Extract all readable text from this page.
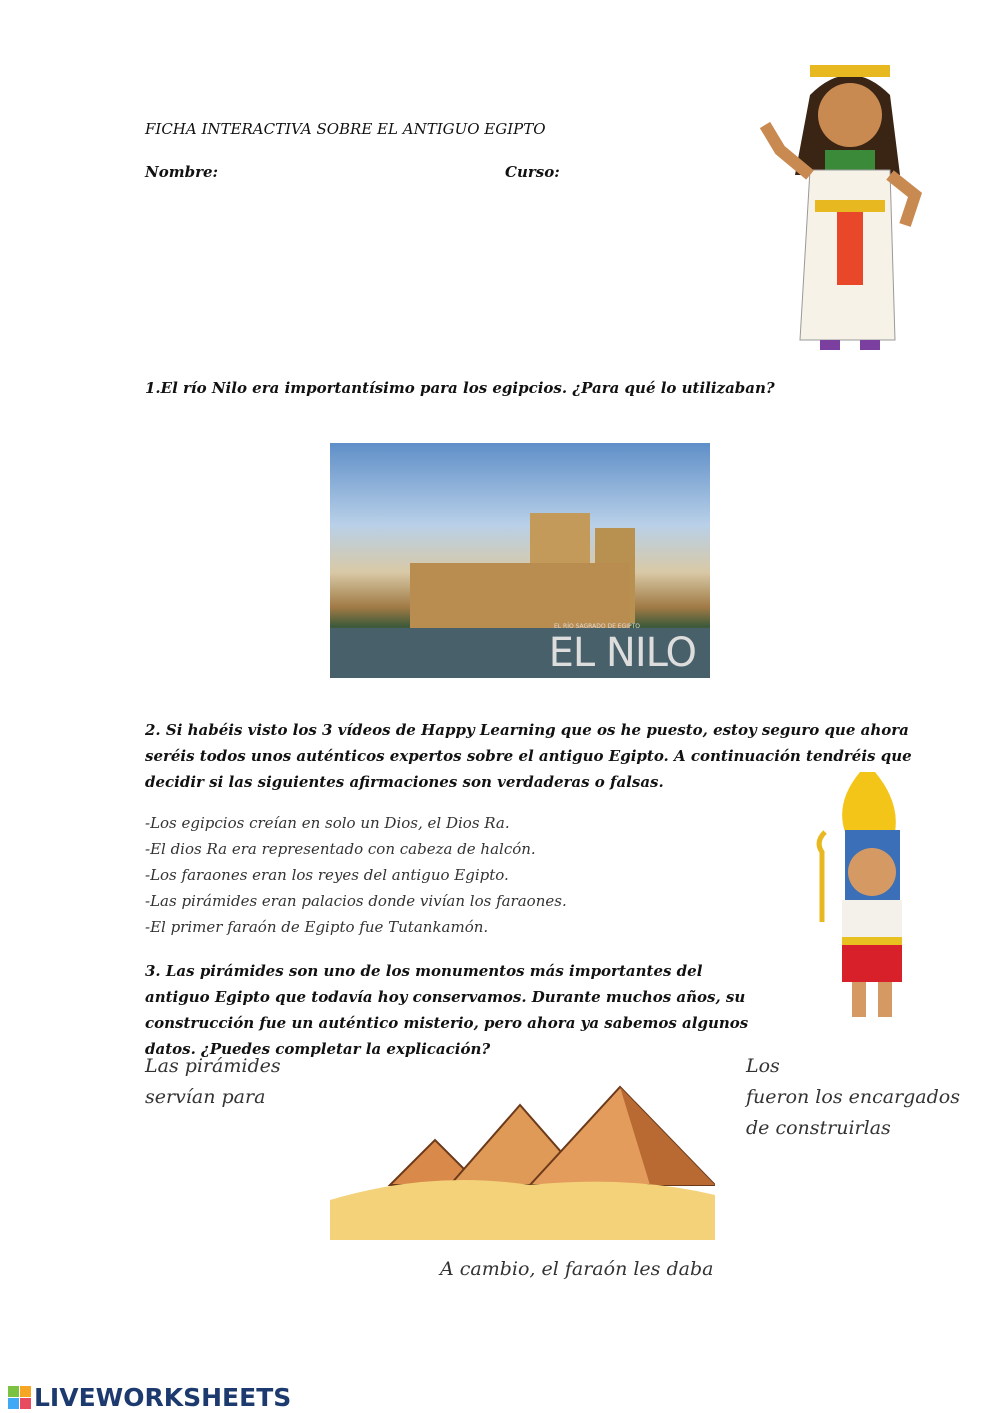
FICHA INTERACTIVA SOBRE EL ANTIGUO EGIPTO
Nombre:	Curso:
1.El río Nilo era importantísimo para los egipcios. ¿Para qué lo utilizaban?
EL NILO
EL RÍO SAGRADO DE EGIPTO
2. Si habéis visto los 3 vídeos de Happy Learning que os he puesto, estoy seguro que ahora seréis todos unos auténticos expertos sobre el antiguo Egipto. A continuación tendréis que decidir si las siguientes afirmaciones son verdaderas o falsas.
-Los egipcios creían en solo un Dios, el Dios Ra.
-El dios Ra era representado con cabeza de halcón.
-Los faraones eran los reyes del antiguo Egipto.
-Las pirámides eran palacios donde vivían los faraones.
-El primer faraón de Egipto fue Tutankamón.
3. Las pirámides son uno de los monumentos más importantes del antiguo Egipto que todavía hoy conservamos. Durante muchos años, su construcción fue un auténtico misterio, pero ahora ya sabemos algunos datos. ¿Puedes completar la explicación?
Las pirámides
servían para
Los
fueron los encargados
de construirlas
A cambio, el faraón les daba
LIVEWORKSHEETS
